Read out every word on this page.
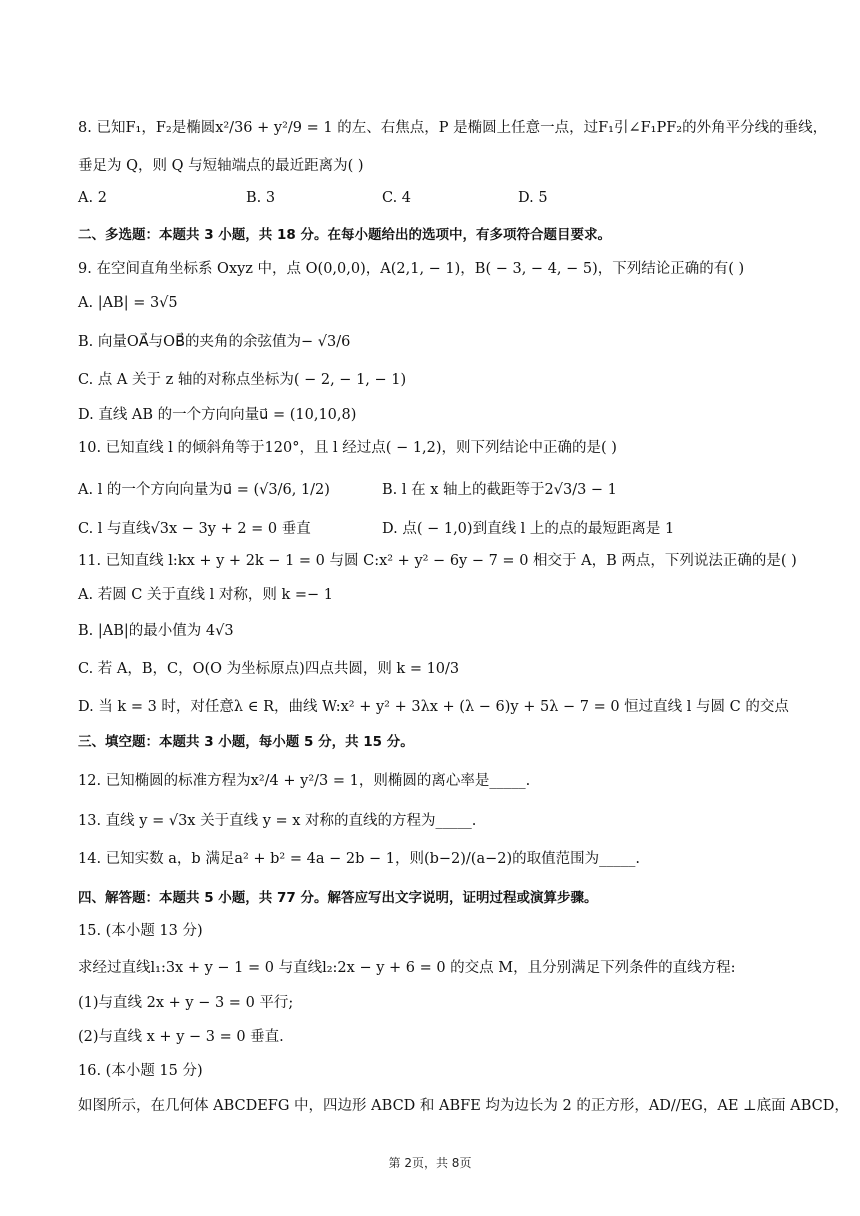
8. 已知F₁，F₂是椭圆x²/36 + y²/9 = 1 的左、右焦点，P 是椭圆上任意一点，过F₁引∠F₁PF₂的外角平分线的垂线，
垂足为 Q，则 Q 与短轴端点的最近距离为( )
A. 2	B. 3	C. 4	D. 5
二、多选题：本题共 3 小题，共 18 分。在每小题给出的选项中，有多项符合题目要求。
9. 在空间直角坐标系 Oxyz 中，点 O(0,0,0)，A(2,1, − 1)，B( − 3, − 4, − 5)，下列结论正确的有( )
A. |AB| = 3√5
B. 向量OA⃗与OB⃗的夹角的余弦值为− √3/6
C. 点 A 关于 z 轴的对称点坐标为( − 2, − 1, − 1)
D. 直线 AB 的一个方向向量u⃗ = (10,10,8)
10. 已知直线 l 的倾斜角等于120°，且 l 经过点( − 1,2)，则下列结论中正确的是( )
A. l 的一个方向向量为u⃗ = (√3/6, 1/2)	B. l 在 x 轴上的截距等于2√3/3 − 1
C. l 与直线√3x − 3y + 2 = 0 垂直	D. 点( − 1,0)到直线 l 上的点的最短距离是 1
11. 已知直线 l:kx + y + 2k − 1 = 0 与圆 C:x² + y² − 6y − 7 = 0 相交于 A，B 两点，下列说法正确的是( )
A. 若圆 C 关于直线 l 对称，则 k =− 1
B. |AB|的最小值为 4√3
C. 若 A，B，C，O(O 为坐标原点)四点共圆，则 k = 10/3
D. 当 k = 3 时，对任意λ ∈ R，曲线 W:x² + y² + 3λx + (λ − 6)y + 5λ − 7 = 0 恒过直线 l 与圆 C 的交点
三、填空题：本题共 3 小题，每小题 5 分，共 15 分。
12. 已知椭圆的标准方程为x²/4 + y²/3 = 1，则椭圆的离心率是_____.
13. 直线 y = √3x 关于直线 y = x 对称的直线的方程为_____.
14. 已知实数 a，b 满足a² + b² = 4a − 2b − 1，则(b−2)/(a−2)的取值范围为_____.
四、解答题：本题共 5 小题，共 77 分。解答应写出文字说明，证明过程或演算步骤。
15. (本小题 13 分)
求经过直线l₁:3x + y − 1 = 0 与直线l₂:2x − y + 6 = 0 的交点 M，且分别满足下列条件的直线方程:
(1)与直线 2x + y − 3 = 0 平行;
(2)与直线 x + y − 3 = 0 垂直.
16. (本小题 15 分)
如图所示，在几何体 ABCDEFG 中，四边形 ABCD 和 ABFE 均为边长为 2 的正方形，AD//EG，AE ⊥底面 ABCD，
第 2页，共 8页
